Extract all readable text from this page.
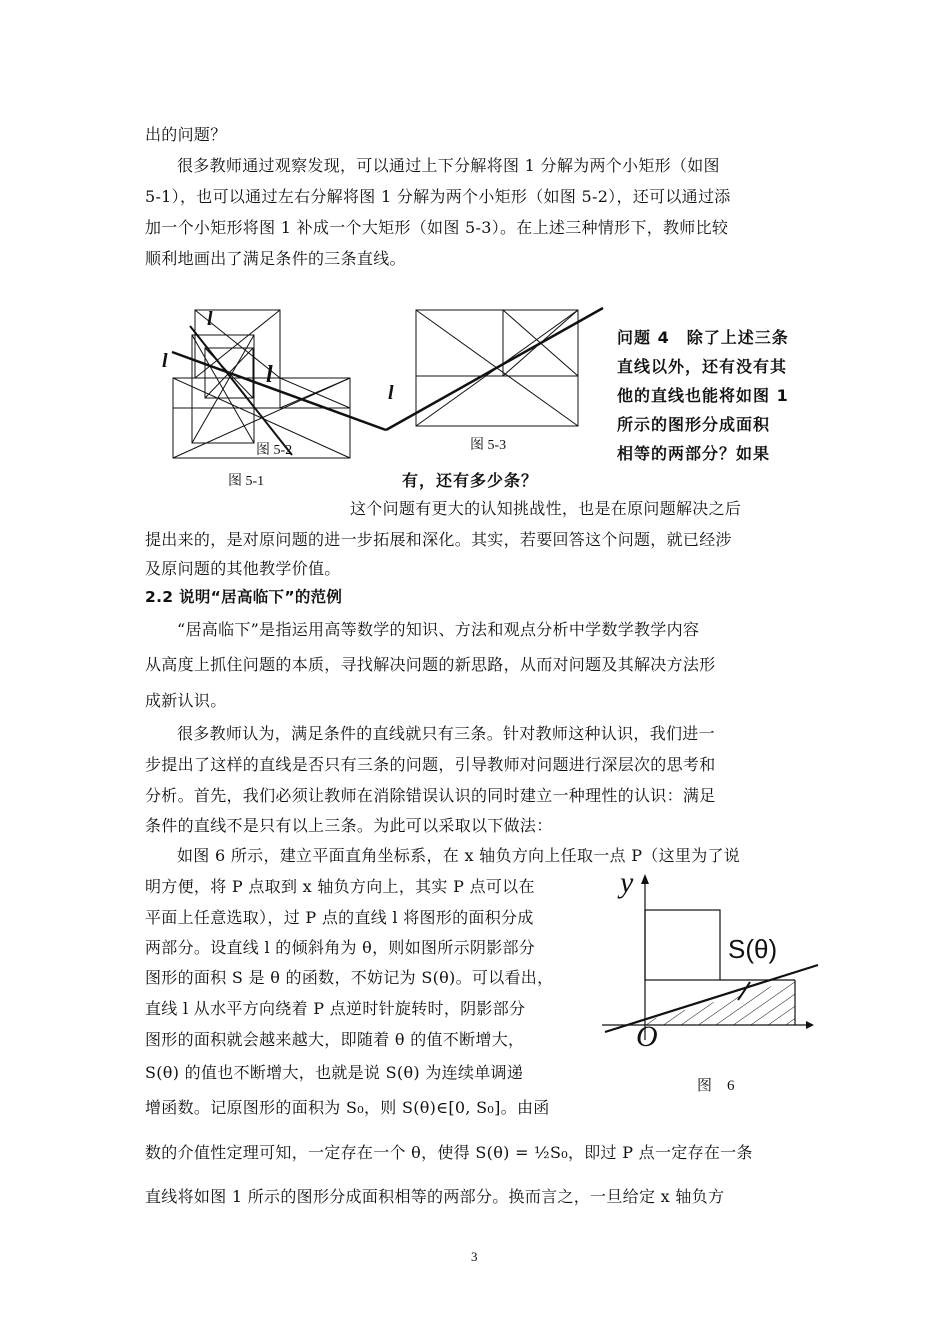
出的问题？
很多教师通过观察发现，可以通过上下分解将图 1 分解为两个小矩形（如图
5-1），也可以通过左右分解将图 1 分解为两个小矩形（如图 5-2），还可以通过添
加一个小矩形将图 1 补成一个大矩形（如图 5-3）。在上述三种情形下，教师比较
顺利地画出了满足条件的三条直线。
问题 4　除了上述三条
直线以外，还有没有其
他的直线也能将如图 1
所示的图形分成面积
相等的两部分？如果
有，还有多少条？
这个问题有更大的认知挑战性，也是在原问题解决之后
提出来的，是对原问题的进一步拓展和深化。其实，若要回答这个问题，就已经涉
及原问题的其他教学价值。
2.2 说明“居高临下”的范例
“居高临下”是指运用高等数学的知识、方法和观点分析中学数学教学内容
从高度上抓住问题的本质，寻找解决问题的新思路，从而对问题及其解决方法形
成新认识。
很多教师认为，满足条件的直线就只有三条。针对教师这种认识，我们进一
步提出了这样的直线是否只有三条的问题，引导教师对问题进行深层次的思考和
分析。首先，我们必须让教师在消除错误认识的同时建立一种理性的认识：满足
条件的直线不是只有以上三条。为此可以采取以下做法：
如图 6 所示，建立平面直角坐标系，在 x 轴负方向上任取一点 P（这里为了说
明方便，将 P 点取到 x 轴负方向上，其实 P 点可以在
平面上任意选取），过 P 点的直线 l 将图形的面积分成
两部分。设直线 l 的倾斜角为 θ，则如图所示阴影部分
图形的面积 S 是 θ 的函数，不妨记为 S(θ)。可以看出，
直线 l 从水平方向绕着 P 点逆时针旋转时，阴影部分
图形的面积就会越来越大，即随着 θ 的值不断增大，
S(θ) 的值也不断增大，也就是说 S(θ) 为连续单调递
增函数。记原图形的面积为 S₀，则 S(θ)∈[0, S₀]。由函
数的介值性定理可知，一定存在一个 θ，使得 S(θ) = ½S₀，即过 P 点一定存在一条
直线将如图 1 所示的图形分成面积相等的两部分。换而言之，一旦给定 x 轴负方
l
l
l
l
图 5-2
图 5-1
图 5-3
y
O
S(θ)
图　6
3
